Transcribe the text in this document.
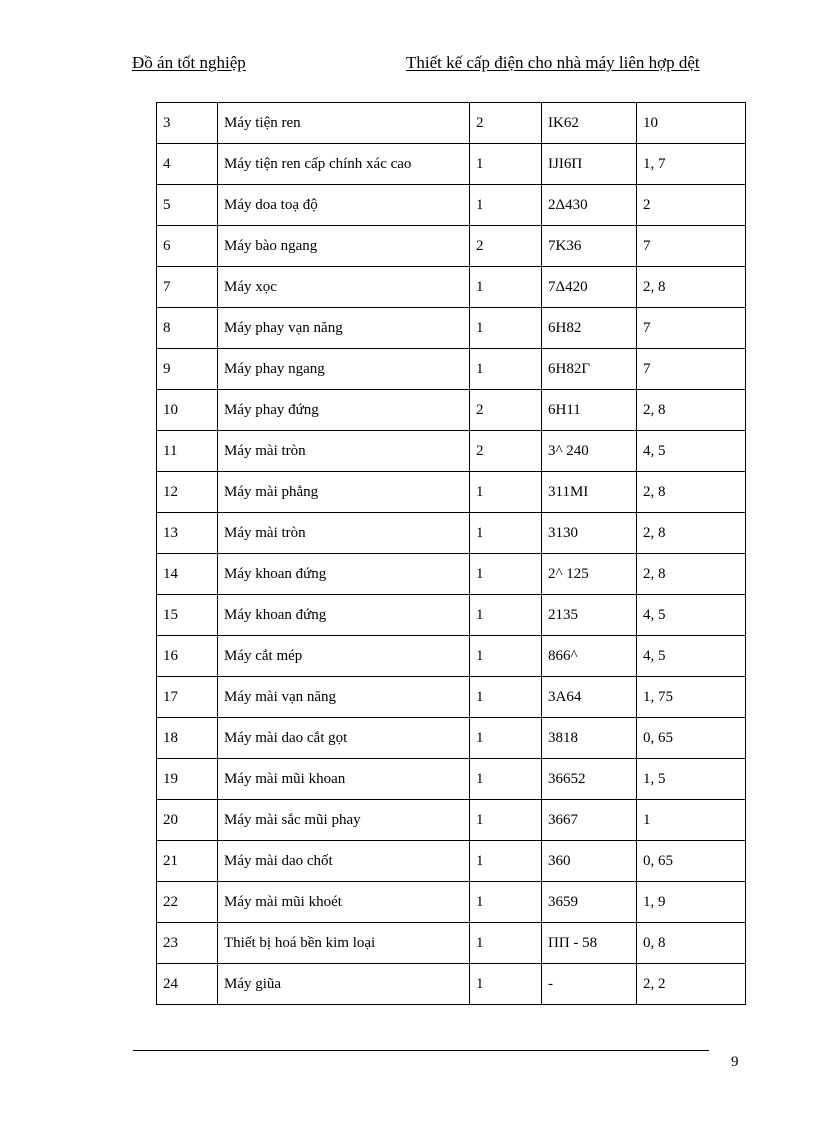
Đồ án tốt nghiệp	Thiết kế cấp điện cho nhà máy liên hợp dệt
3	Máy tiện ren	2	IK62	10
4	Máy tiện ren cấp chính xác cao	1	IJI6Π	1, 7
5	Máy doa toạ độ	1	2Δ430	2
6	Máy bào ngang	2	7K36	7
7	Máy xọc	1	7Δ420	2, 8
8	Máy phay vạn năng	1	6H82	7
9	Máy phay ngang	1	6H82Γ	7
10	Máy phay đứng	2	6H11	2, 8
11	Máy mài tròn	2	3^ 240	4, 5
12	Máy mài phẳng	1	311MI	2, 8
13	Máy mài tròn	1	3130	2, 8
14	Máy khoan đứng	1	2^ 125	2, 8
15	Máy khoan đứng	1	2135	4, 5
16	Máy cắt mép	1	866^	4, 5
17	Máy mài vạn năng	1	3A64	1, 75
18	Máy mài dao cắt gọt	1	3818	0, 65
19	Máy mài mũi khoan	1	36652	1, 5
20	Máy mài sắc mũi phay	1	3667	1
21	Máy mài dao chốt	1	360	0, 65
22	Máy mài mũi khoét	1	3659	1, 9
23	Thiết bị hoá bền kim loại	1	ПП - 58	0, 8
24	Máy giũa	1	-	2, 2
9
